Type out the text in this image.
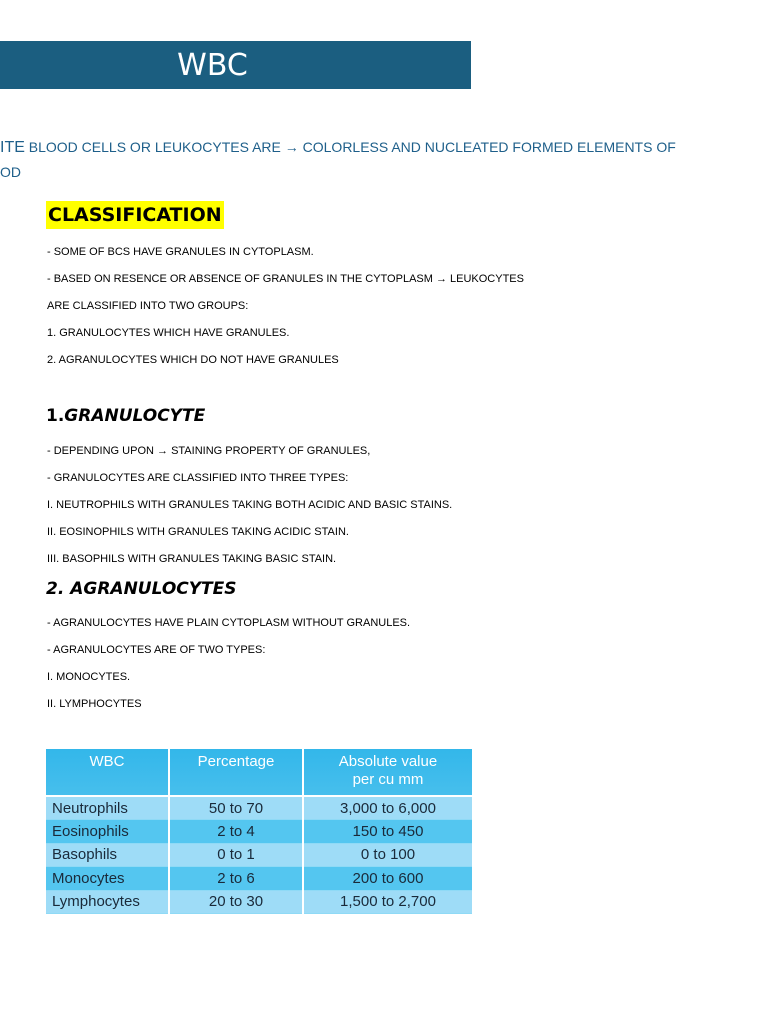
WBC
ITE BLOOD CELLS OR LEUKOCYTES ARE → COLORLESS AND NUCLEATED FORMED ELEMENTS OF
OD
CLASSIFICATION
- SOME OF BCS HAVE GRANULES IN CYTOPLASM.
- BASED ON RESENCE OR ABSENCE OF GRANULES IN THE CYTOPLASM → LEUKOCYTES
ARE CLASSIFIED INTO TWO GROUPS:
1. GRANULOCYTES WHICH HAVE GRANULES.
2. AGRANULOCYTES WHICH DO NOT HAVE GRANULES
1.GRANULOCYTE
- DEPENDING UPON → STAINING PROPERTY OF GRANULES,
- GRANULOCYTES ARE CLASSIFIED INTO THREE TYPES:
I. NEUTROPHILS WITH GRANULES TAKING BOTH ACIDIC AND BASIC STAINS.
II. EOSINOPHILS WITH GRANULES TAKING ACIDIC STAIN.
III. BASOPHILS WITH GRANULES TAKING BASIC STAIN.
2. AGRANULOCYTES
- AGRANULOCYTES HAVE PLAIN CYTOPLASM WITHOUT GRANULES.
- AGRANULOCYTES ARE OF TWO TYPES:
I. MONOCYTES.
II. LYMPHOCYTES
WBC	Percentage	Absolute value
per cu mm
Neutrophils	50 to 70	3,000 to 6,000
Eosinophils	2 to 4	150 to 450
Basophils	0 to 1	0 to 100
Monocytes	2 to 6	200 to 600
Lymphocytes	20 to 30	1,500 to 2,700
